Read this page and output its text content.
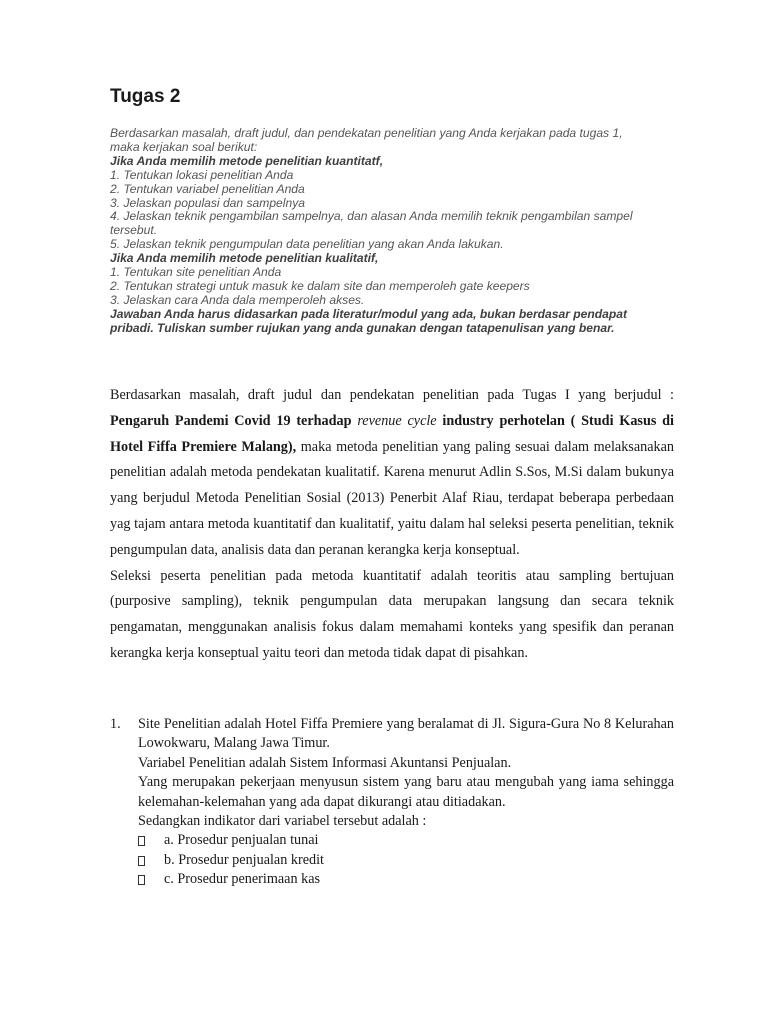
Tugas 2
Berdasarkan masalah, draft judul, dan pendekatan penelitian yang Anda kerjakan pada tugas 1,
maka kerjakan soal berikut:
Jika Anda memilih metode penelitian kuantitatf,
1. Tentukan lokasi penelitian Anda
2. Tentukan variabel penelitian Anda
3. Jelaskan populasi dan sampelnya
4. Jelaskan teknik pengambilan sampelnya, dan alasan Anda memilih teknik pengambilan sampel
tersebut.
5. Jelaskan teknik pengumpulan data penelitian yang akan Anda lakukan.
Jika Anda memilih metode penelitian kualitatif,
1. Tentukan site penelitian Anda
2. Tentukan strategi untuk masuk ke dalam site dan memperoleh gate keepers
3. Jelaskan cara Anda dala memperoleh akses.
Jawaban Anda harus didasarkan pada literatur/modul yang ada, bukan berdasar pendapat pribadi. Tuliskan sumber rujukan yang anda gunakan dengan tatapenulisan yang benar.

Berdasarkan masalah, draft judul dan pendekatan penelitian pada Tugas I yang berjudul : Pengaruh Pandemi Covid 19 terhadap revenue cycle industry perhotelan ( Studi Kasus di Hotel Fiffa Premiere Malang), maka metoda penelitian yang paling sesuai dalam melaksanakan penelitian adalah metoda pendekatan kualitatif. Karena menurut Adlin S.Sos, M.Si dalam bukunya yang berjudul Metoda Penelitian Sosial (2013) Penerbit Alaf Riau, terdapat beberapa perbedaan yag tajam antara metoda kuantitatif dan kualitatif, yaitu dalam hal seleksi peserta penelitian, teknik pengumpulan data, analisis data dan peranan kerangka kerja konseptual.

Seleksi peserta penelitian pada metoda kuantitatif adalah teoritis atau sampling bertujuan (purposive sampling), teknik pengumpulan data merupakan langsung dan secara teknik pengamatan, menggunakan analisis fokus dalam memahami konteks yang spesifik dan peranan kerangka kerja konseptual yaitu teori dan metoda tidak dapat di pisahkan.

1. Site Penelitian adalah Hotel Fiffa Premiere yang beralamat di Jl. Sigura-Gura No 8 Kelurahan Lowokwaru, Malang Jawa Timur.

Variabel Penelitian adalah Sistem Informasi Akuntansi Penjualan.

Yang merupakan pekerjaan menyusun sistem yang baru atau mengubah yang iama sehingga kelemahan-kelemahan yang ada dapat dikurangi atau ditiadakan.

Sedangkan indikator dari variabel tersebut adalah :

a. Prosedur penjualan tunai
b. Prosedur penjualan kredit
c. Prosedur penerimaan kas
